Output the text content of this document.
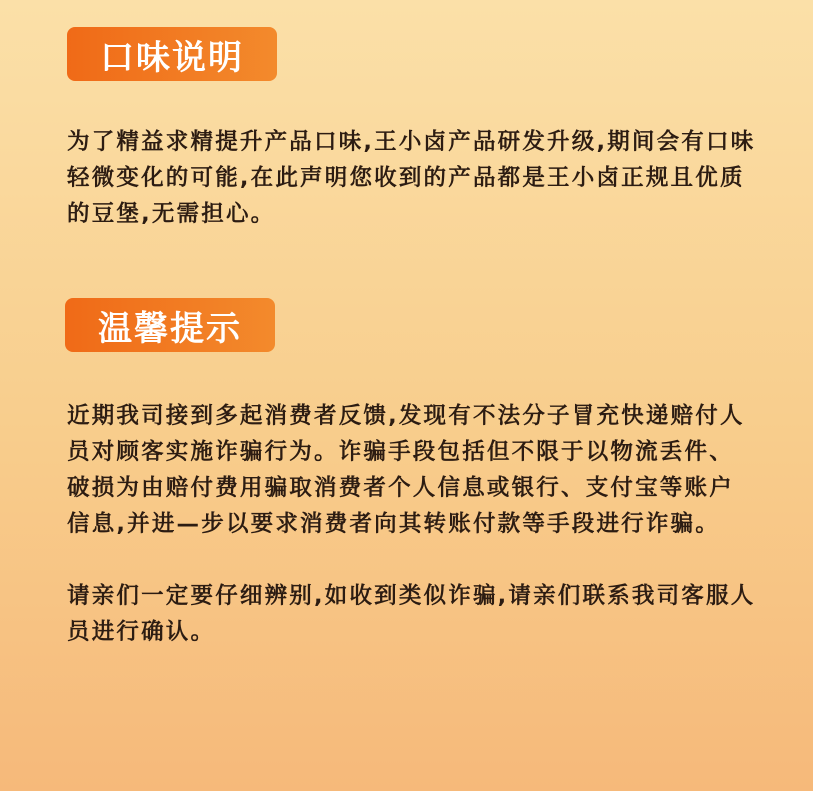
口味说明

为了精益求精提升产品口味,王小卤产品研发升级,期间会有口味轻微变化的可能,在此声明您收到的产品都是王小卤正规且优质的豆堡,无需担心。

温馨提示

近期我司接到多起消费者反馈,发现有不法分子冒充快递赔付人员对顾客实施诈骗行为。诈骗手段包括但不限于以物流丢件、破损为由赔付费用骗取消费者个人信息或银行、支付宝等账户信息,并进—步以要求消费者向其转账付款等手段进行诈骗。

请亲们一定要仔细辨别,如收到类似诈骗,请亲们联系我司客服人员进行确认。
